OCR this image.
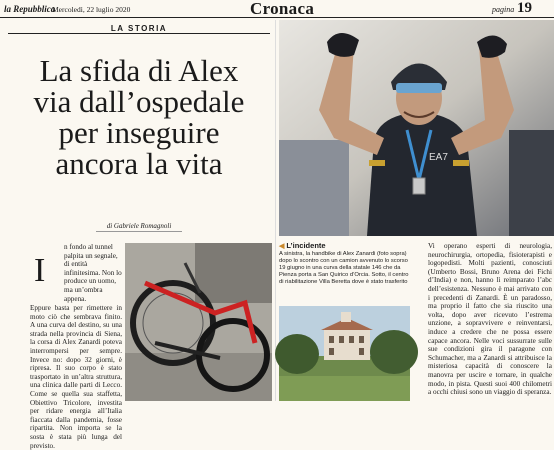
la Repubblica
Mercoledì, 22 luglio 2020	Cronaca	pagina 19
LA STORIA
La sfida di Alex
via dall’ospedale
per inseguire
ancora la vita
di Gabriele Romagnoli
I
n fondo al tunnel palpita un segnale, di entità infinitesima. Non lo produce un uomo, ma un’ombra appena.
Eppure basta per rimettere in moto ciò che sembrava finito. A una curva del destino, su una strada nella provincia di Siena, la corsa di Alex Zanardi poteva interrompersi per sempre. Invece no: dopo 32 giorni, è ripresa. Il suo corpo è stato trasportato in un’altra struttura, una clinica dalle parti di Lecco. Come se quella sua staffetta, Obiettivo Tricolore, investita per ridare energia all’Italia fiaccata dalla pandemia, fosse ripartita. Non importa se la sosta è stata più lunga del previsto.
EA7
◀ L’incidente
A sinistra, la handbike di Alex Zanardi (foto sopra) dopo lo scontro con un camion avvenuto lo scorso 19 giugno in una curva della statale 146 che da Pienza porta a San Quirico d’Orcia. Sotto, il centro di riabilitazione Villa Beretta dove è stato trasferito
Vi operano esperti di neurologia, neurochirurgia, ortopedia, fisioterapisti e logopedisti. Molti pazienti, conosciuti (Umberto Bossi, Bruno Arena dei Fichi d’India) e non, hanno lì reimparato l’abc dell’esistenza. Nessuno è mai arrivato con i precedenti di Zanardi. È un paradosso, ma proprio il fatto che sia riuscito una volta, dopo aver ricevuto l’estrema unzione, a sopravvivere e reinventarsi, induce a credere che ne possa essere capace ancora. Nelle voci sussurrate sulle sue condizioni gira il paragone con Schumacher, ma a Zanardi si attribuisce la misteriosa capacità di conoscere la manovra per uscire e tornare, in qualche modo, in pista. Questi suoi 400 chilometri a occhi chiusi sono un viaggio di speranza.
